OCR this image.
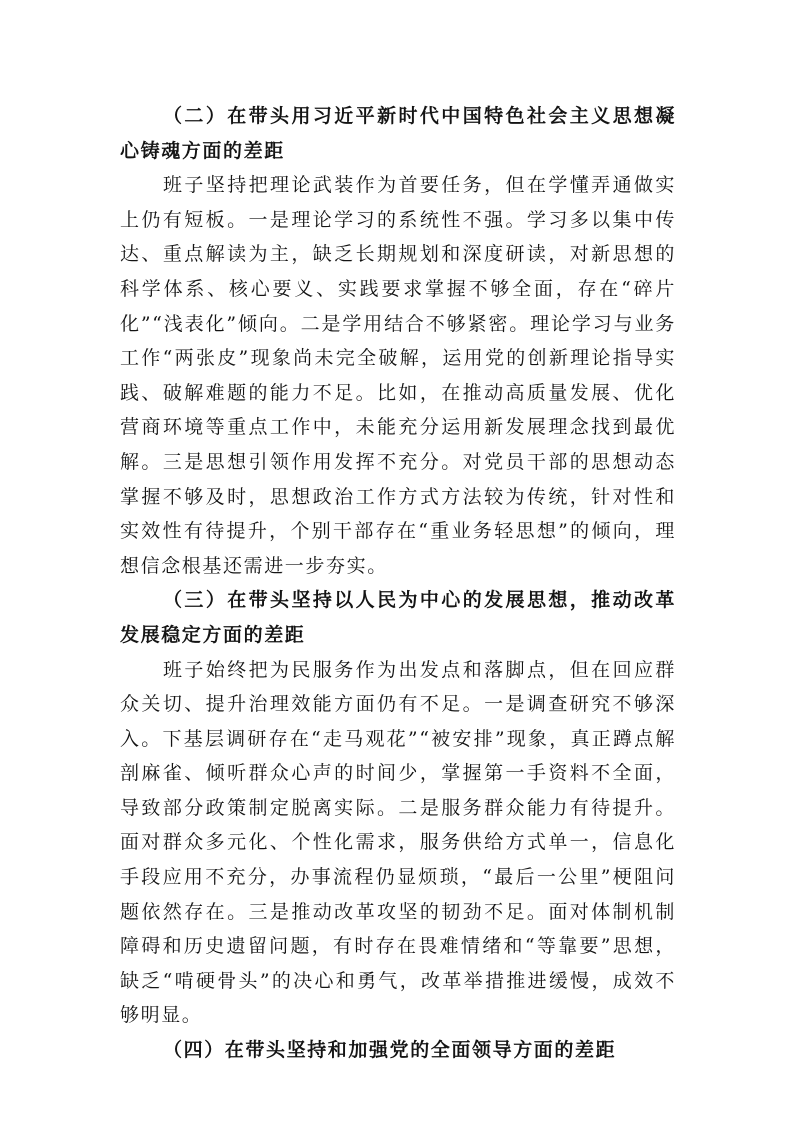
（二）在带头用习近平新时代中国特色社会主义思想凝心铸魂方面的差距

班子坚持把理论武装作为首要任务，但在学懂弄通做实上仍有短板。一是理论学习的系统性不强。学习多以集中传达、重点解读为主，缺乏长期规划和深度研读，对新思想的科学体系、核心要义、实践要求掌握不够全面，存在“碎片化”“浅表化”倾向。二是学用结合不够紧密。理论学习与业务工作“两张皮”现象尚未完全破解，运用党的创新理论指导实践、破解难题的能力不足。比如，在推动高质量发展、优化营商环境等重点工作中，未能充分运用新发展理念找到最优解。三是思想引领作用发挥不充分。对党员干部的思想动态掌握不够及时，思想政治工作方式方法较为传统，针对性和实效性有待提升，个别干部存在“重业务轻思想”的倾向，理想信念根基还需进一步夯实。

（三）在带头坚持以人民为中心的发展思想，推动改革发展稳定方面的差距

班子始终把为民服务作为出发点和落脚点，但在回应群众关切、提升治理效能方面仍有不足。一是调查研究不够深入。下基层调研存在“走马观花”“被安排”现象，真正蹲点解剖麻雀、倾听群众心声的时间少，掌握第一手资料不全面，导致部分政策制定脱离实际。二是服务群众能力有待提升。面对群众多元化、个性化需求，服务供给方式单一，信息化手段应用不充分，办事流程仍显烦琐，“最后一公里”梗阻问题依然存在。三是推动改革攻坚的韧劲不足。面对体制机制障碍和历史遗留问题，有时存在畏难情绪和“等靠要”思想，缺乏“啃硬骨头”的决心和勇气，改革举措推进缓慢，成效不够明显。

（四）在带头坚持和加强党的全面领导方面的差距
